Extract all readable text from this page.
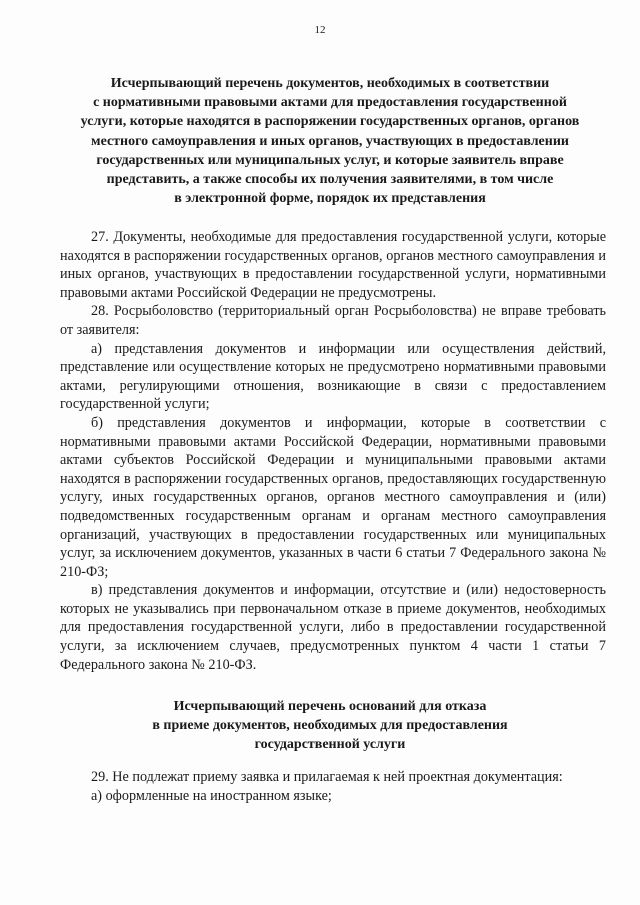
12
Исчерпывающий перечень документов, необходимых в соответствии
с нормативными правовыми актами для предоставления государственной
услуги, которые находятся в распоряжении государственных органов, органов
местного самоуправления и иных органов, участвующих в предоставлении
государственных или муниципальных услуг, и которые заявитель вправе
представить, а также способы их получения заявителями, в том числе
в электронной форме, порядок их представления

27. Документы, необходимые для предоставления государственной услуги, которые находятся в распоряжении государственных органов, органов местного самоуправления и иных органов, участвующих в предоставлении государственной услуги, нормативными правовыми актами Российской Федерации не предусмотрены.

28. Росрыболовство (территориальный орган Росрыболовства) не вправе требовать от заявителя:

а) представления документов и информации или осуществления действий, представление или осуществление которых не предусмотрено нормативными правовыми актами, регулирующими отношения, возникающие в связи с предоставлением государственной услуги;

б) представления документов и информации, которые в соответствии с нормативными правовыми актами Российской Федерации, нормативными правовыми актами субъектов Российской Федерации и муниципальными правовыми актами находятся в распоряжении государственных органов, предоставляющих государственную услугу, иных государственных органов, органов местного самоуправления и (или) подведомственных государственным органам и органам местного самоуправления организаций, участвующих в предоставлении государственных или муниципальных услуг, за исключением документов, указанных в части 6 статьи 7 Федерального закона № 210-ФЗ;

в) представления документов и информации, отсутствие и (или) недостоверность которых не указывались при первоначальном отказе в приеме документов, необходимых для предоставления государственной услуги, либо в предоставлении государственной услуги, за исключением случаев, предусмотренных пунктом 4 части 1 статьи 7 Федерального закона № 210-ФЗ.

Исчерпывающий перечень оснований для отказа
в приеме документов, необходимых для предоставления
государственной услуги

29. Не подлежат приему заявка и прилагаемая к ней проектная документация:

а) оформленные на иностранном языке;
